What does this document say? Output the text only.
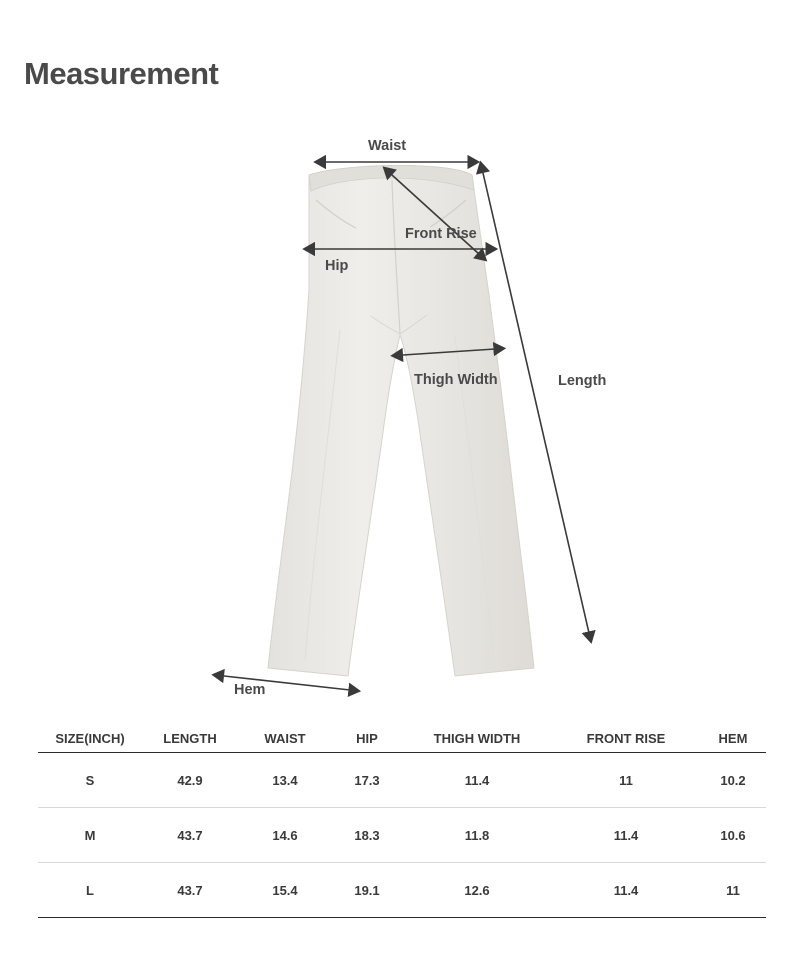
Measurement
Waist
Front Rise
Hip
Thigh Width	Length
Hem
SIZE(INCH)	LENGTH	WAIST	HIP	THIGH WIDTH	FRONT RISE	HEM
S	42.9	13.4	17.3	11.4	11	10.2
M	43.7	14.6	18.3	11.8	11.4	10.6
L	43.7	15.4	19.1	12.6	11.4	11
